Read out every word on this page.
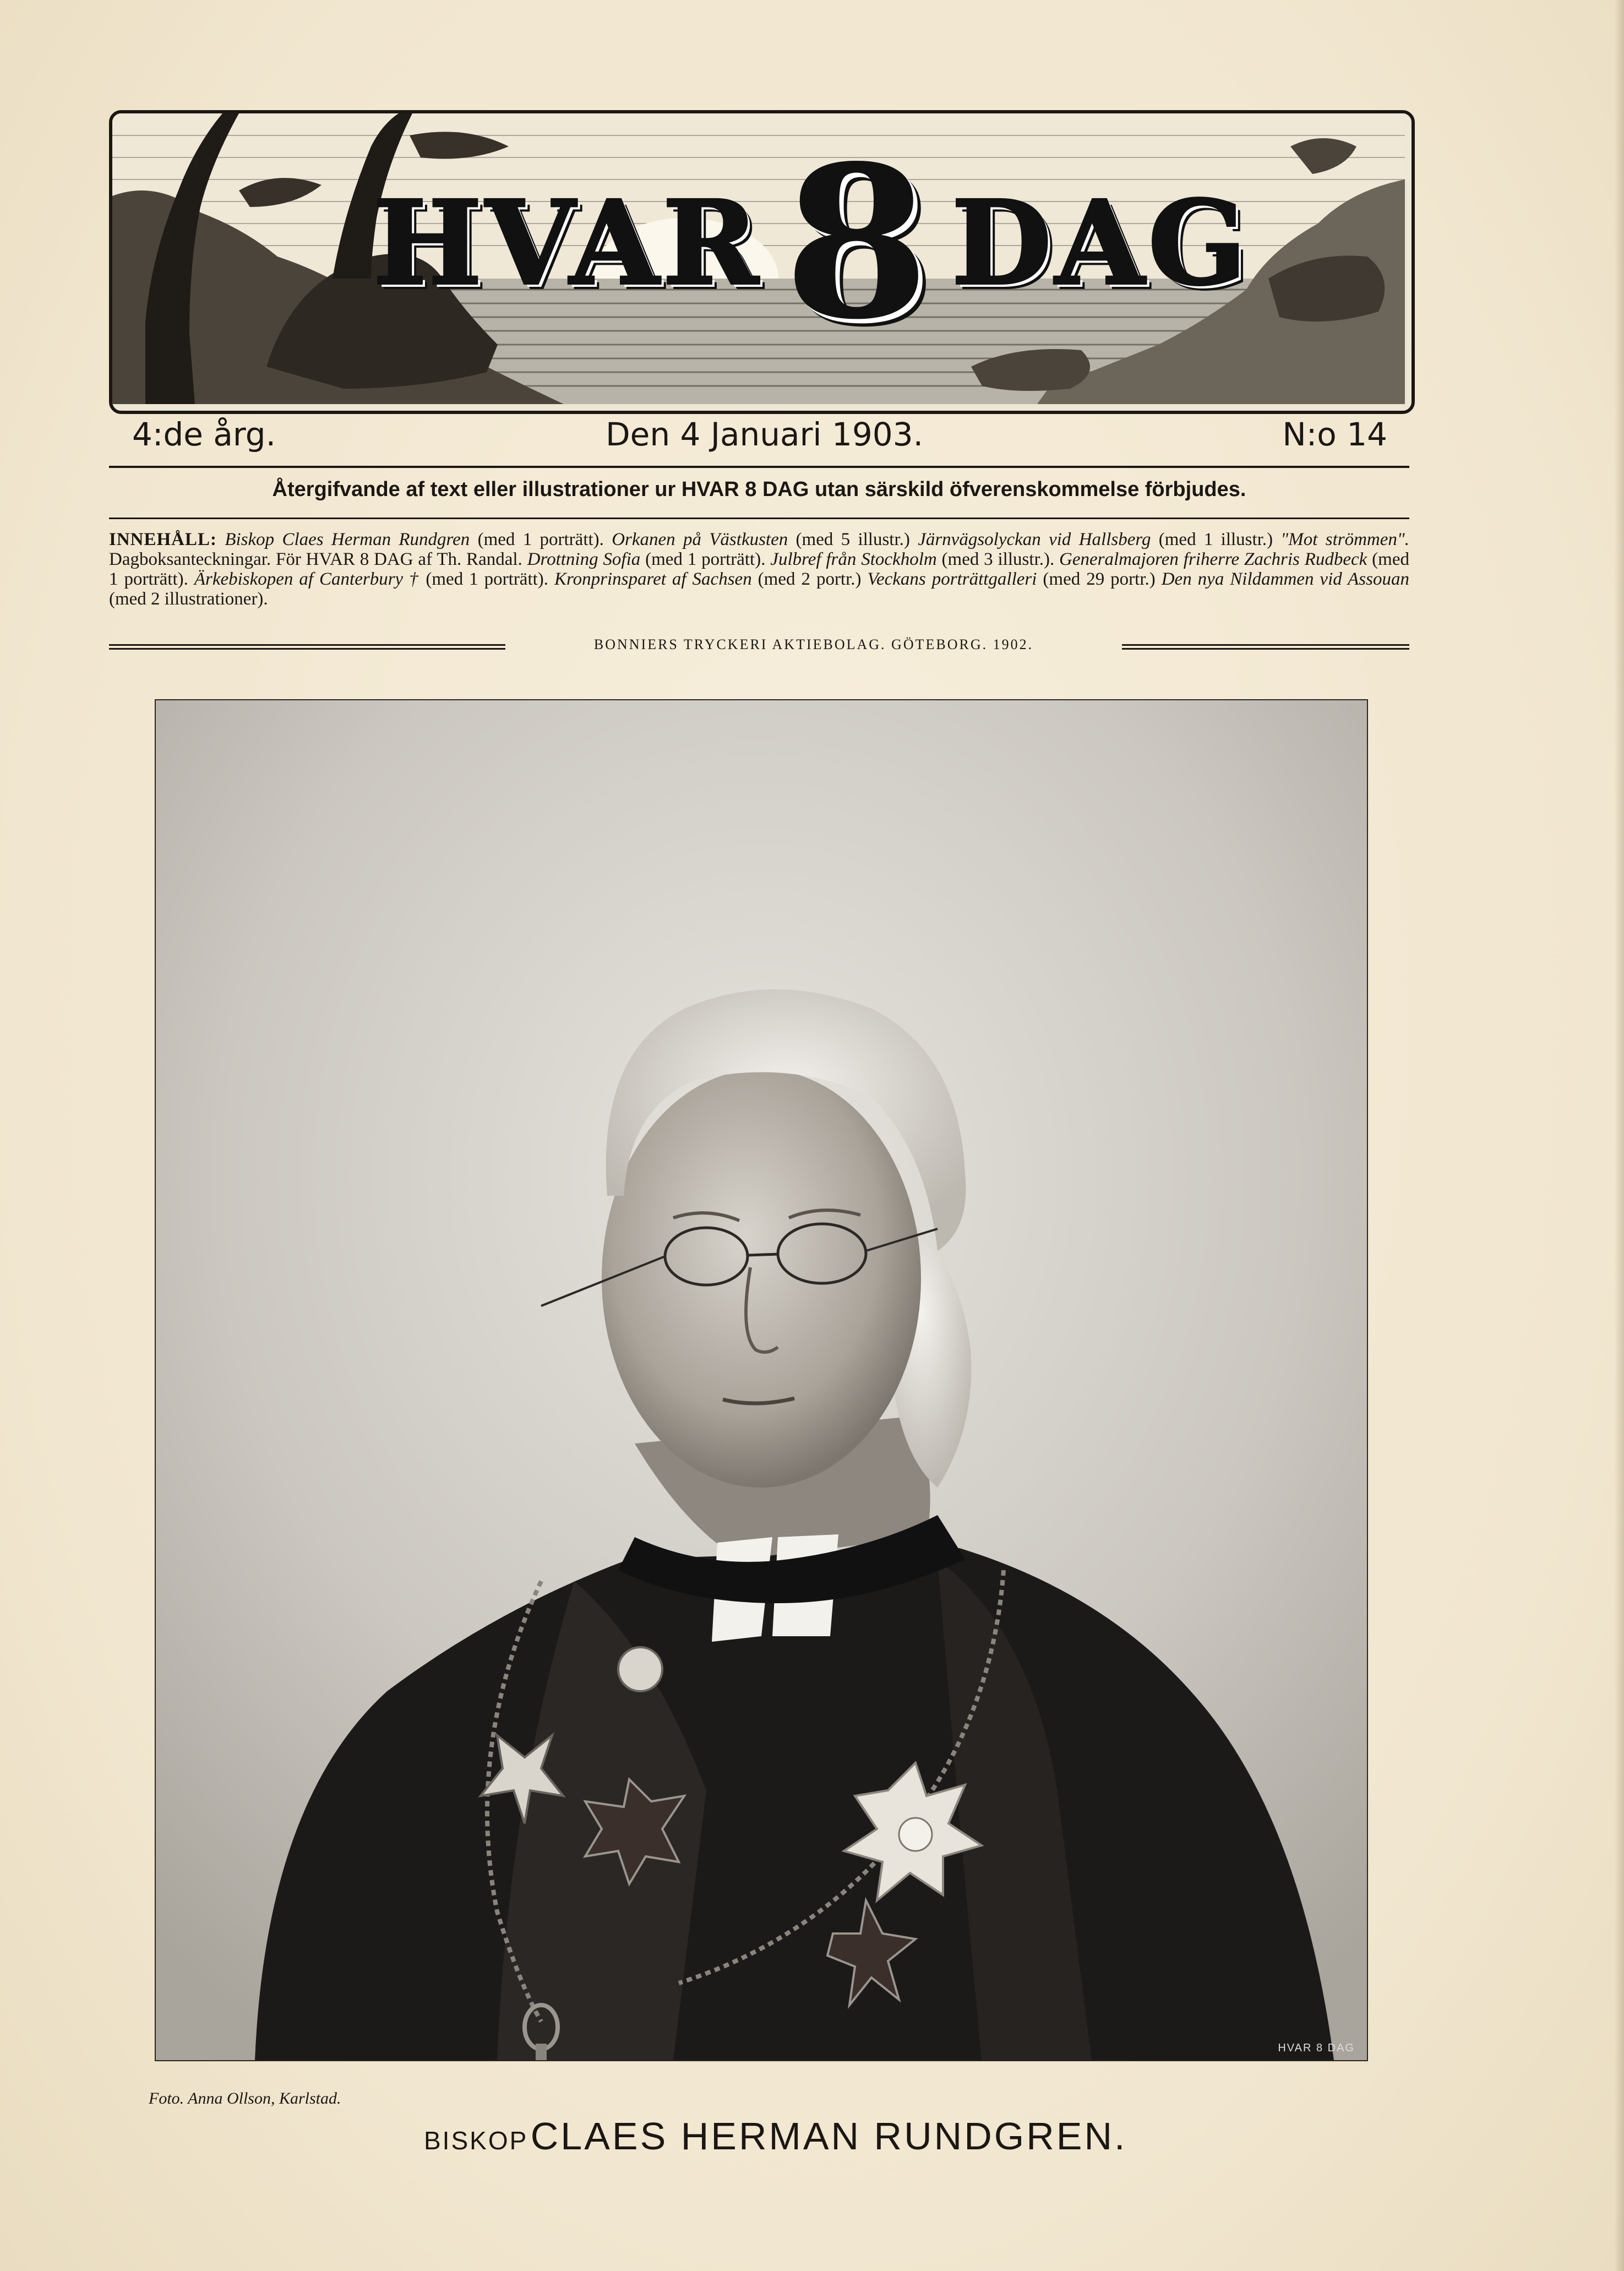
HVAR 8 DAG
4:de årg.	Den 4 Januari 1903.	N:o 14
Återgifvande af text eller illustrationer ur HVAR 8 DAG utan särskild öfverenskommelse förbjudes.
INNEHÅLL: Biskop Claes Herman Rundgren (med 1 porträtt). Orkanen på Västkusten (med 5 illustr.) Järnvägsolyckan vid Hallsberg (med 1 illustr.) "Mot strömmen". Dagboksanteckningar. För HVAR 8 DAG af Th. Randal. Drottning Sofia (med 1 porträtt). Julbref från Stockholm (med 3 illustr.). Generalmajoren friherre Zachris Rudbeck (med 1 porträtt). Ärkebiskopen af Canterbury † (med 1 porträtt). Kronprinsparet af Sachsen (med 2 portr.) Veckans porträttgalleri (med 29 portr.) Den nya Nildammen vid Assouan (med 2 illustrationer).
BONNIERS TRYCKERI AKTIEBOLAG. GÖTEBORG. 1902.
HVAR 8 DAG
Foto. Anna Ollson, Karlstad.
BISKOP CLAES HERMAN RUNDGREN.
